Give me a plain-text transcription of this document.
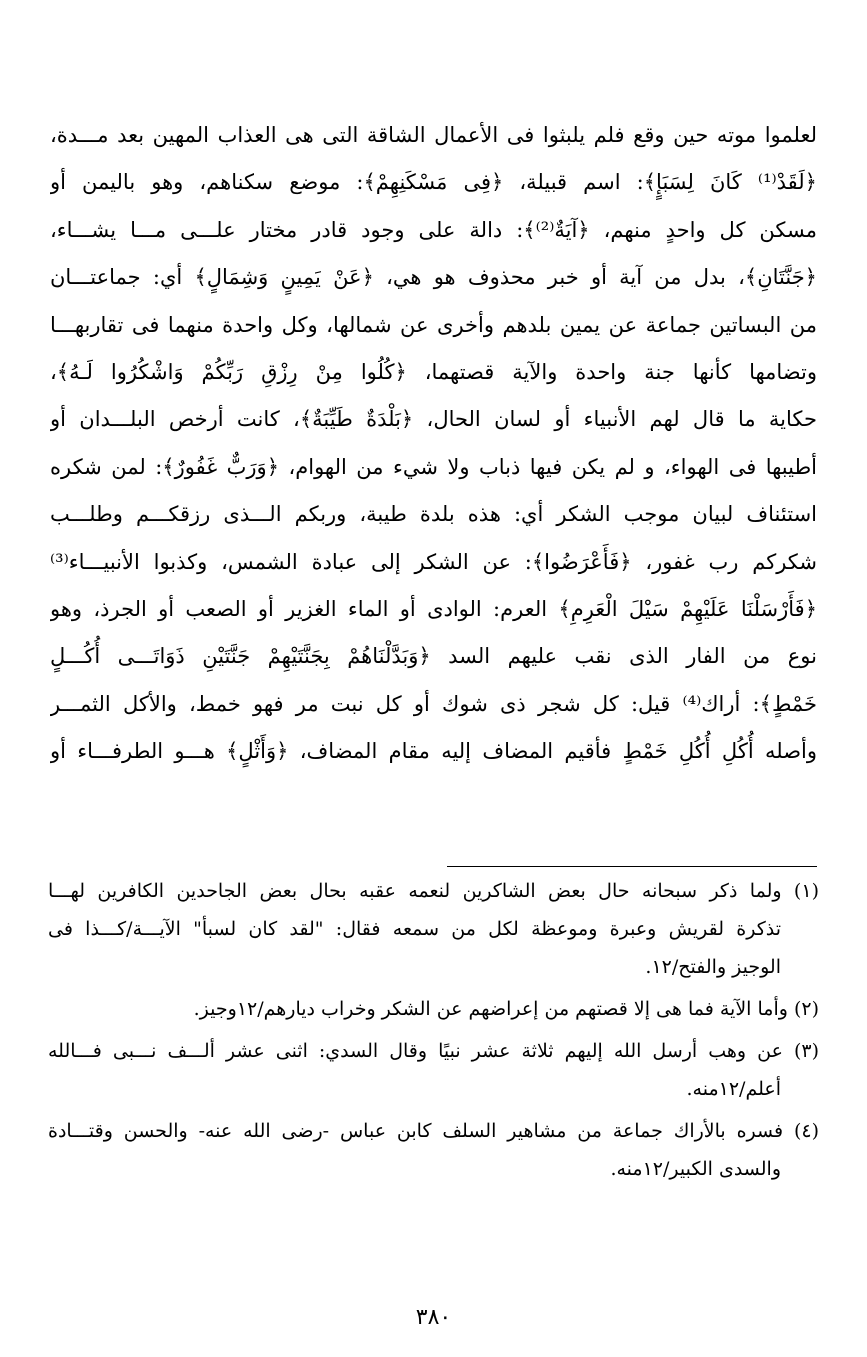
لعلموا موته حين وقع فلم يلبثوا فى الأعمال الشاقة التى هى العذاب المهين بعد مـــدة،
﴿لَقَدْ⁽¹⁾ كَانَ لِسَبَإٍ﴾: اسم قبيلة، ﴿فِى مَسْكَنِهِمْ﴾: موضع سكناهم، وهو باليمن أو
مسكن كل واحدٍ منهم، ﴿آيَةٌ⁽²⁾﴾: دالة على وجود قادر مختار علـــى مـــا يشـــاء،
﴿جَنَّتَانِ﴾، بدل من آية أو خبر محذوف هو هي، ﴿عَنْ يَمِينٍ وَشِمَالٍ﴾ أي: جماعتـــان
من البساتين جماعة عن يمين بلدهم وأخرى عن شمالها، وكل واحدة منهما فى تقاربهـــا
وتضامها كأنها جنة واحدة والآية قصتهما، ﴿كُلُوا مِنْ رِزْقِ رَبِّكُمْ وَاشْكُرُوا لَـهُ﴾،
حكاية ما قال لهم الأنبياء أو لسان الحال، ﴿بَلْدَةٌ طَيِّبَةٌ﴾، كانت أرخص البلـــدان أو
أطيبها فى الهواء، و لم يكن فيها ذباب ولا شيء من الهوام، ﴿وَرَبٌّ غَفُورٌ﴾: لمن شكره
استئناف لبيان موجب الشكر أي: هذه بلدة طيبة، وربكم الـــذى رزقكـــم وطلـــب
شكركم رب غفور، ﴿فَأَعْرَضُوا﴾: عن الشكر إلى عبادة الشمس، وكذبوا الأنبيـــاء⁽³⁾
﴿فَأَرْسَلْنَا عَلَيْهِمْ سَيْلَ الْعَرِمِ﴾ العرم: الوادى أو الماء الغزير أو الصعب أو الجرذ، وهو
نوع من الفار الذى نقب عليهم السد ﴿وَبَدَّلْنَاهُمْ بِجَنَّتَيْهِمْ جَنَّتَيْنِ ذَوَاتَـــى أُكُـــلٍ
خَمْطٍ﴾: أراك⁽⁴⁾ قيل: كل شجر ذى شوك أو كل نبت مر فهو خمط، والأكل الثمـــر
وأصله أُكُلِ أُكُلِ خَمْطٍ فأقيم المضاف إليه مقام المضاف، ﴿وَأَثْلٍ﴾ هـــو الطرفـــاء أو
(١) ولما ذكر سبحانه حال بعض الشاكرين لنعمه عقبه بحال بعض الجاحدين الكافرين لهـــا
تذكرة لقريش وعبرة وموعظة لكل من سمعه فقال: "لقد كان لسبأ" الآيـــة/كـــذا فى
الوجيز والفتح/١٢.
(٢) وأما الآية فما هى إلا قصتهم من إعراضهم عن الشكر وخراب ديارهم/١٢وجيز.
(٣) عن وهب أرسل الله إليهم ثلاثة عشر نبيًا وقال السدي: اثنى عشر ألـــف نـــبى فـــالله
أعلم/١٢منه.
(٤) فسره بالأراك جماعة من مشاهير السلف كابن عباس -رضى الله عنه- والحسن وقتـــادة
والسدى الكبير/١٢منه.
٣٨٠
